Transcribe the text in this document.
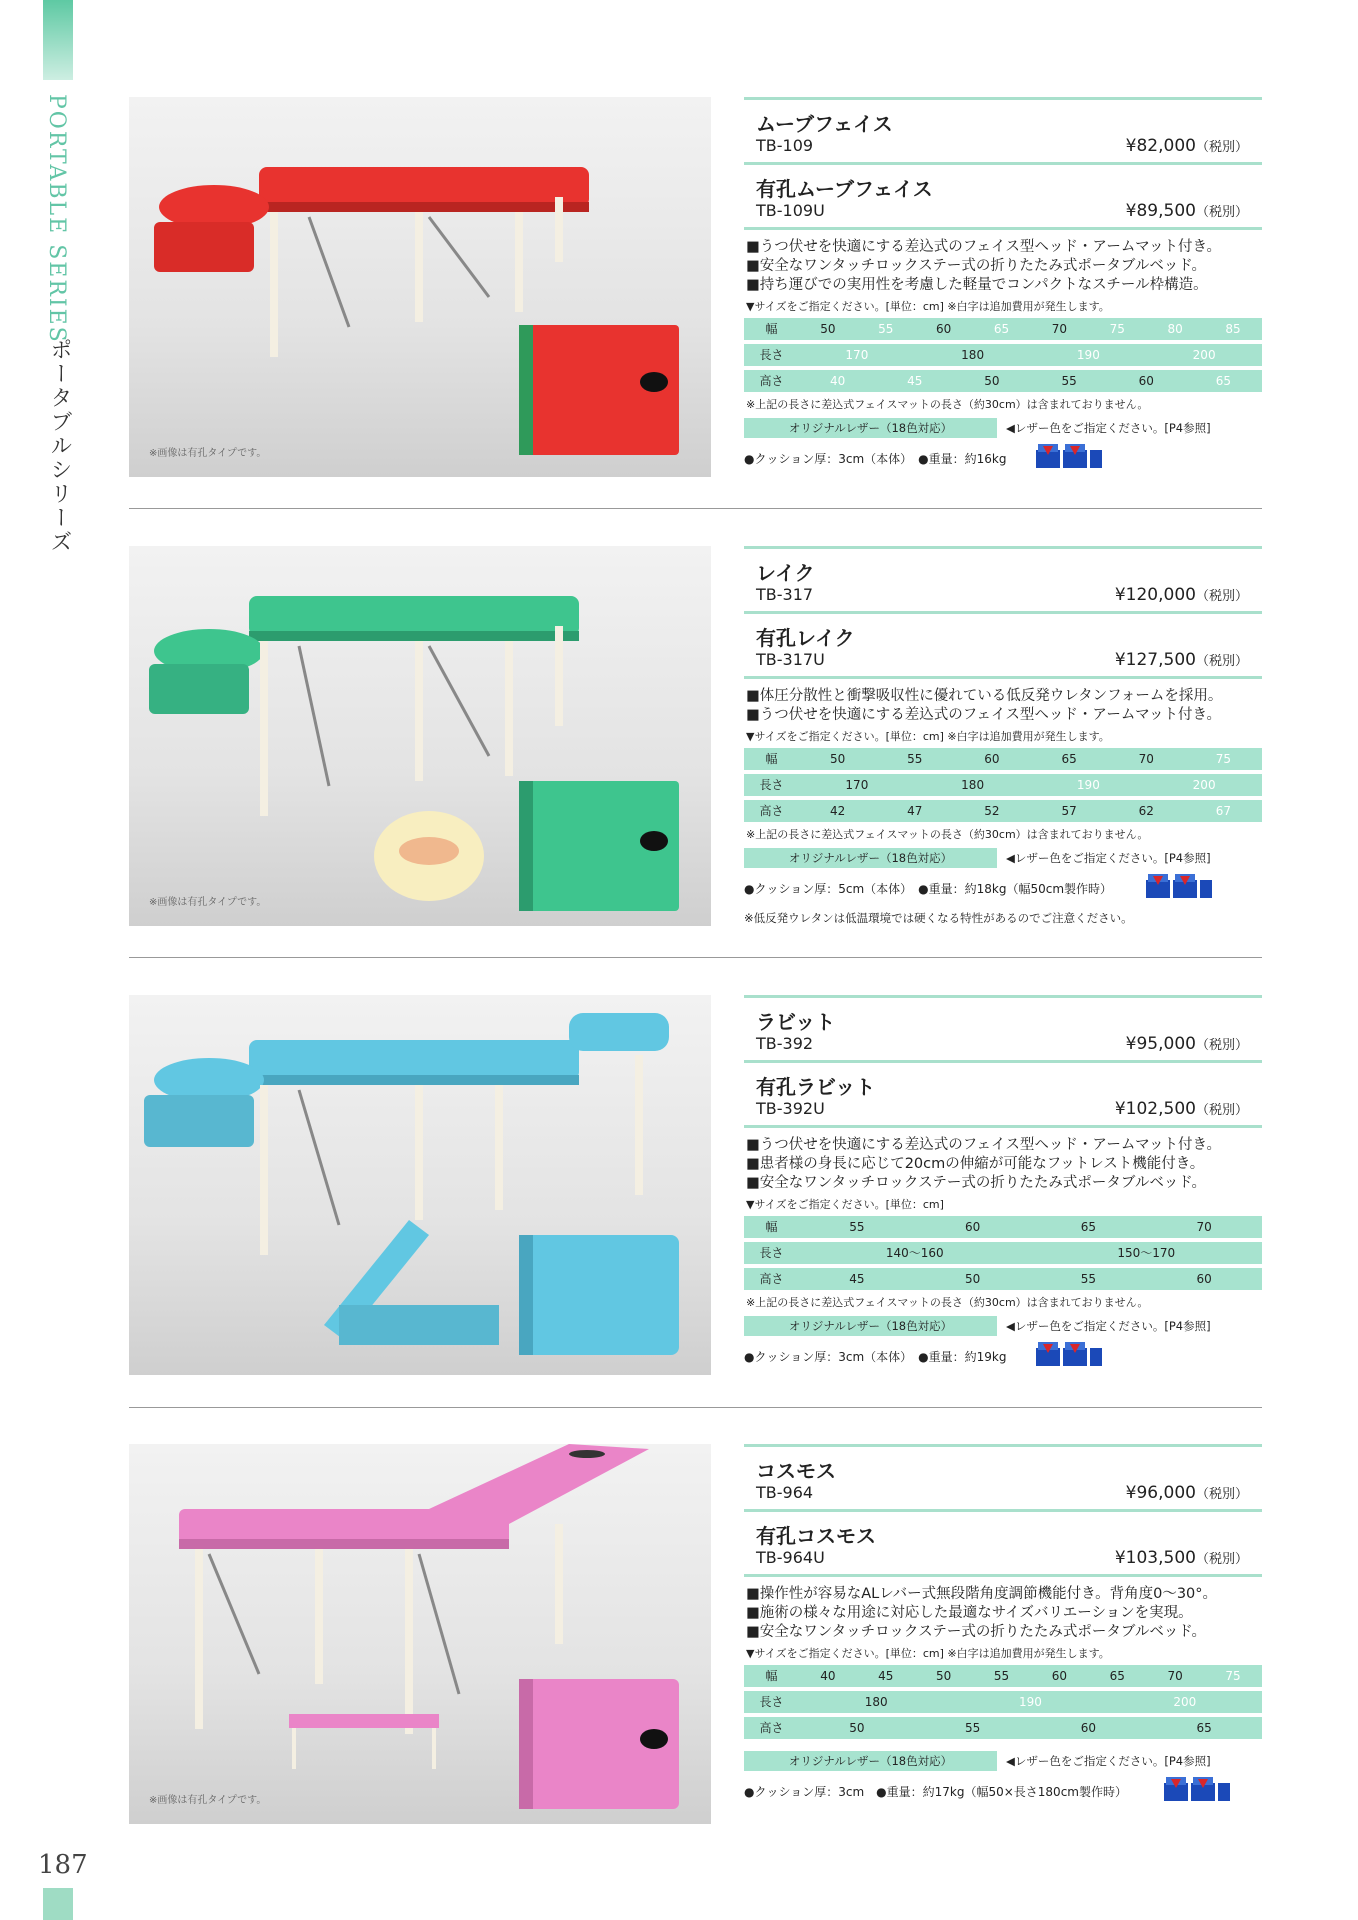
PORTABLE SERIES
ポータブルシリーズ
187
※画像は有孔タイプです。
ムーブフェイス
TB-109	¥82,000（税別）
有孔ムーブフェイス
TB-109U	¥89,500（税別）
■うつ伏せを快適にする差込式のフェイス型ヘッド・アームマット付き。
■安全なワンタッチロックステー式の折りたたみ式ポータブルベッド。
■持ち運びでの実用性を考慮した軽量でコンパクトなスチール枠構造。
▼サイズをご指定ください。[単位：cm] ※白字は追加費用が発生します。
幅	50	55	60	65	70	75	80	85
長さ	170	180	190	200
高さ	40	45	50	55	60	65
※上記の長さに差込式フェイスマットの長さ（約30cm）は含まれておりません。
オリジナルレザー（18色対応）	◀レザー色をご指定ください。[P4参照]
●クッション厚：3cm（本体）　●重量：約16kg
※画像は有孔タイプです。
レイク
TB-317	¥120,000（税別）
有孔レイク
TB-317U	¥127,500（税別）
■体圧分散性と衝撃吸収性に優れている低反発ウレタンフォームを採用。
■うつ伏せを快適にする差込式のフェイス型ヘッド・アームマット付き。
▼サイズをご指定ください。[単位：cm] ※白字は追加費用が発生します。
幅	50	55	60	65	70	75
長さ	170	180	190	200
高さ	42	47	52	57	62	67
※上記の長さに差込式フェイスマットの長さ（約30cm）は含まれておりません。
オリジナルレザー（18色対応）	◀レザー色をご指定ください。[P4参照]
●クッション厚：5cm（本体）　●重量：約18kg（幅50cm製作時）
※低反発ウレタンは低温環境では硬くなる特性があるのでご注意ください。
ラビット
TB-392	¥95,000（税別）
有孔ラビット
TB-392U	¥102,500（税別）
■うつ伏せを快適にする差込式のフェイス型ヘッド・アームマット付き。
■患者様の身長に応じて20cmの伸縮が可能なフットレスト機能付き。
■安全なワンタッチロックステー式の折りたたみ式ポータブルベッド。
▼サイズをご指定ください。[単位：cm]
幅	55	60	65	70
長さ	140〜160	150〜170
高さ	45	50	55	60
※上記の長さに差込式フェイスマットの長さ（約30cm）は含まれておりません。
オリジナルレザー（18色対応）	◀レザー色をご指定ください。[P4参照]
●クッション厚：3cm（本体）　●重量：約19kg
※画像は有孔タイプです。
コスモス
TB-964	¥96,000（税別）
有孔コスモス
TB-964U	¥103,500（税別）
■操作性が容易なALレバー式無段階角度調節機能付き。背角度0〜30°。
■施術の様々な用途に対応した最適なサイズバリエーションを実現。
■安全なワンタッチロックステー式の折りたたみ式ポータブルベッド。
▼サイズをご指定ください。[単位：cm] ※白字は追加費用が発生します。
幅	40	45	50	55	60	65	70	75
長さ	180	190	200
高さ	50	55	60	65
オリジナルレザー（18色対応）	◀レザー色をご指定ください。[P4参照]
●クッション厚：3cm　●重量：約17kg（幅50×長さ180cm製作時）
